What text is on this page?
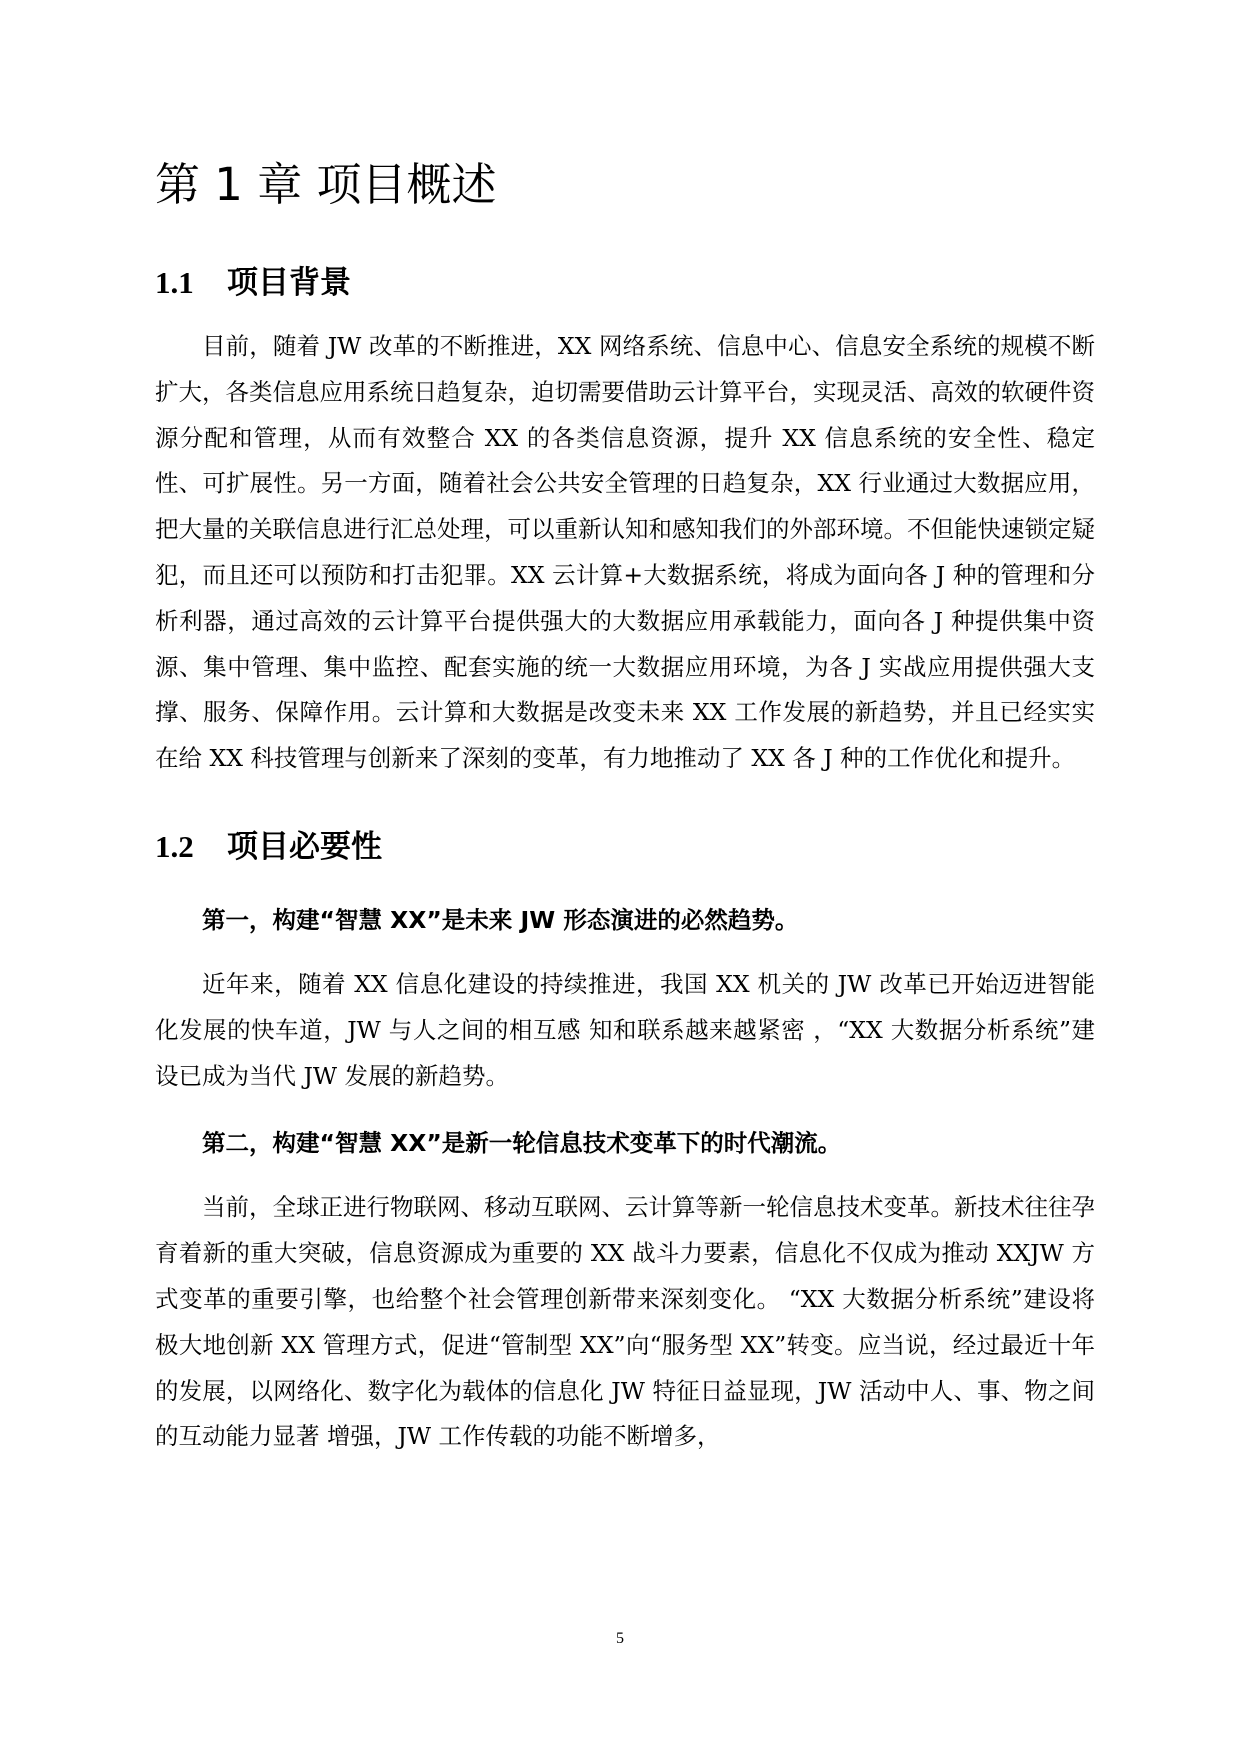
第 1 章 项目概述
1.1 项目背景

目前，随着 JW 改革的不断推进，XX 网络系统、信息中心、信息安全系统的规模不断扩大，各类信息应用系统日趋复杂，迫切需要借助云计算平台，实现灵活、高效的软硬件资源分配和管理，从而有效整合 XX 的各类信息资源，提升 XX 信息系统的安全性、稳定性、可扩展性。另一方面，随着社会公共安全管理的日趋复杂，XX 行业通过大数据应用，把大量的关联信息进行汇总处理，可以重新认知和感知我们的外部环境。不但能快速锁定疑犯，而且还可以预防和打击犯罪。XX 云计算+大数据系统，将成为面向各 J 种的管理和分析利器，通过高效的云计算平台提供强大的大数据应用承载能力，面向各 J 种提供集中资源、集中管理、集中监控、配套实施的统一大数据应用环境，为各 J 实战应用提供强大支撑、服务、保障作用。云计算和大数据是改变未来 XX 工作发展的新趋势，并且已经实实在给 XX 科技管理与创新来了深刻的变革，有力地推动了 XX 各 J 种的工作优化和提升。

1.2 项目必要性

第一，构建“智慧 XX”是未来 JW 形态演进的必然趋势。

近年来，随着 XX 信息化建设的持续推进，我国 XX 机关的 JW 改革已开始迈进智能化发展的快车道，JW 与人之间的相互感 知和联系越来越紧密 ，“XX 大数据分析系统”建设已成为当代 JW 发展的新趋势。

第二，构建“智慧 XX”是新一轮信息技术变革下的时代潮流。

当前，全球正进行物联网、移动互联网、云计算等新一轮信息技术变革。新技术往往孕育着新的重大突破，信息资源成为重要的 XX 战斗力要素，信息化不仅成为推动 XXJW 方式变革的重要引擎，也给整个社会管理创新带来深刻变化。 “XX 大数据分析系统”建设将极大地创新 XX 管理方式，促进“管制型 XX”向“服务型 XX”转变。应当说，经过最近十年的发展，以网络化、数字化为载体的信息化 JW 特征日益显现，JW 活动中人、事、物之间的互动能力显著 增强，JW 工作传载的功能不断增多，

5
